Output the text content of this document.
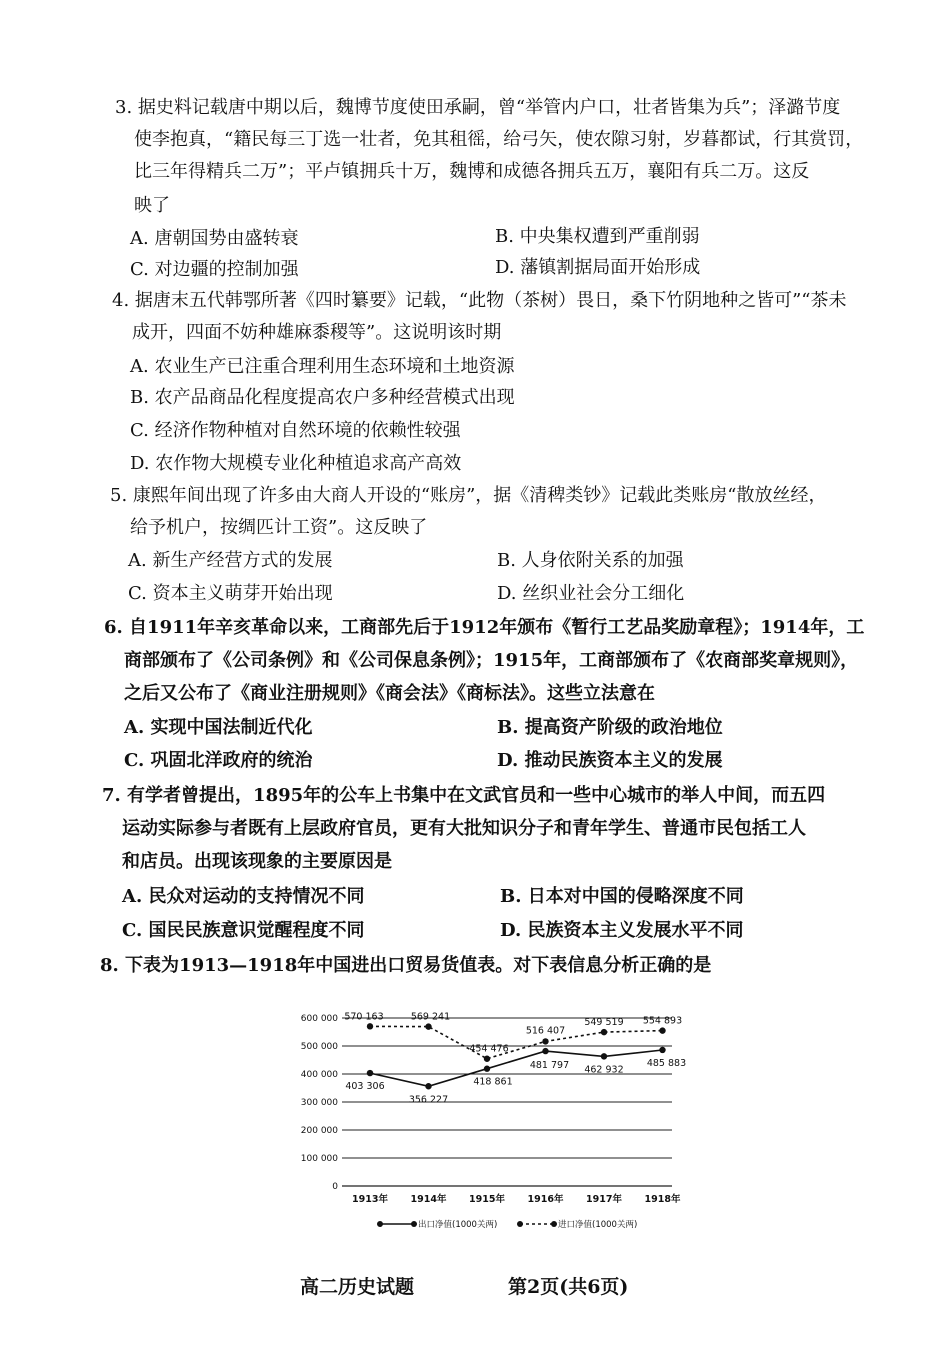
3. 据史料记载唐中期以后，魏博节度使田承嗣，曾“举管内户口，壮者皆集为兵”；泽潞节度
使李抱真，“籍民每三丁选一壮者，免其租徭，给弓矢，使农隙习射，岁暮都试，行其赏罚，
比三年得精兵二万”；平卢镇拥兵十万，魏博和成德各拥兵五万，襄阳有兵二万。这反
映了
A. 唐朝国势由盛转衰	B. 中央集权遭到严重削弱
C. 对边疆的控制加强	D. 藩镇割据局面开始形成
4. 据唐末五代韩鄂所著《四时纂要》记载，“此物（茶树）畏日，桑下竹阴地种之皆可”“茶未
成开，四面不妨种雄麻黍稷等”。这说明该时期
A. 农业生产已注重合理利用生态环境和土地资源
B. 农产品商品化程度提高农户多种经营模式出现
C. 经济作物种植对自然环境的依赖性较强
D. 农作物大规模专业化种植追求高产高效
5. 康熙年间出现了许多由大商人开设的“账房”，据《清稗类钞》记载此类账房“散放丝经，
给予机户，按绸匹计工资”。这反映了
A. 新生产经营方式的发展	B. 人身依附关系的加强
C. 资本主义萌芽开始出现	D. 丝织业社会分工细化
6. 自1911年辛亥革命以来，工商部先后于1912年颁布《暂行工艺品奖励章程》；1914年，工
商部颁布了《公司条例》和《公司保息条例》；1915年，工商部颁布了《农商部奖章规则》，
之后又公布了《商业注册规则》《商会法》《商标法》。这些立法意在
A. 实现中国法制近代化	B. 提高资产阶级的政治地位
C. 巩固北洋政府的统治	D. 推动民族资本主义的发展
7. 有学者曾提出，1895年的公车上书集中在文武官员和一些中心城市的举人中间，而五四
运动实际参与者既有上层政府官员，更有大批知识分子和青年学生、普通市民包括工人
和店员。出现该现象的主要原因是
A. 民众对运动的支持情况不同	B. 日本对中国的侵略深度不同
C. 国民民族意识觉醒程度不同	D. 民族资本主义发展水平不同
8. 下表为1913—1918年中国进出口贸易货值表。对下表信息分析正确的是
0
100 000
200 000
300 000
400 000
500 000
600 000
1913年 1914年 1915年 1916年 1917年 1918年
403 306
356 227
418 861
481 797 462 932
485 883
570 163	569 241
454 476
516 407
549 519 554 893
出口净值(1000关两)	进口净值(1000关两)
高二历史试题	第2页(共6页)
